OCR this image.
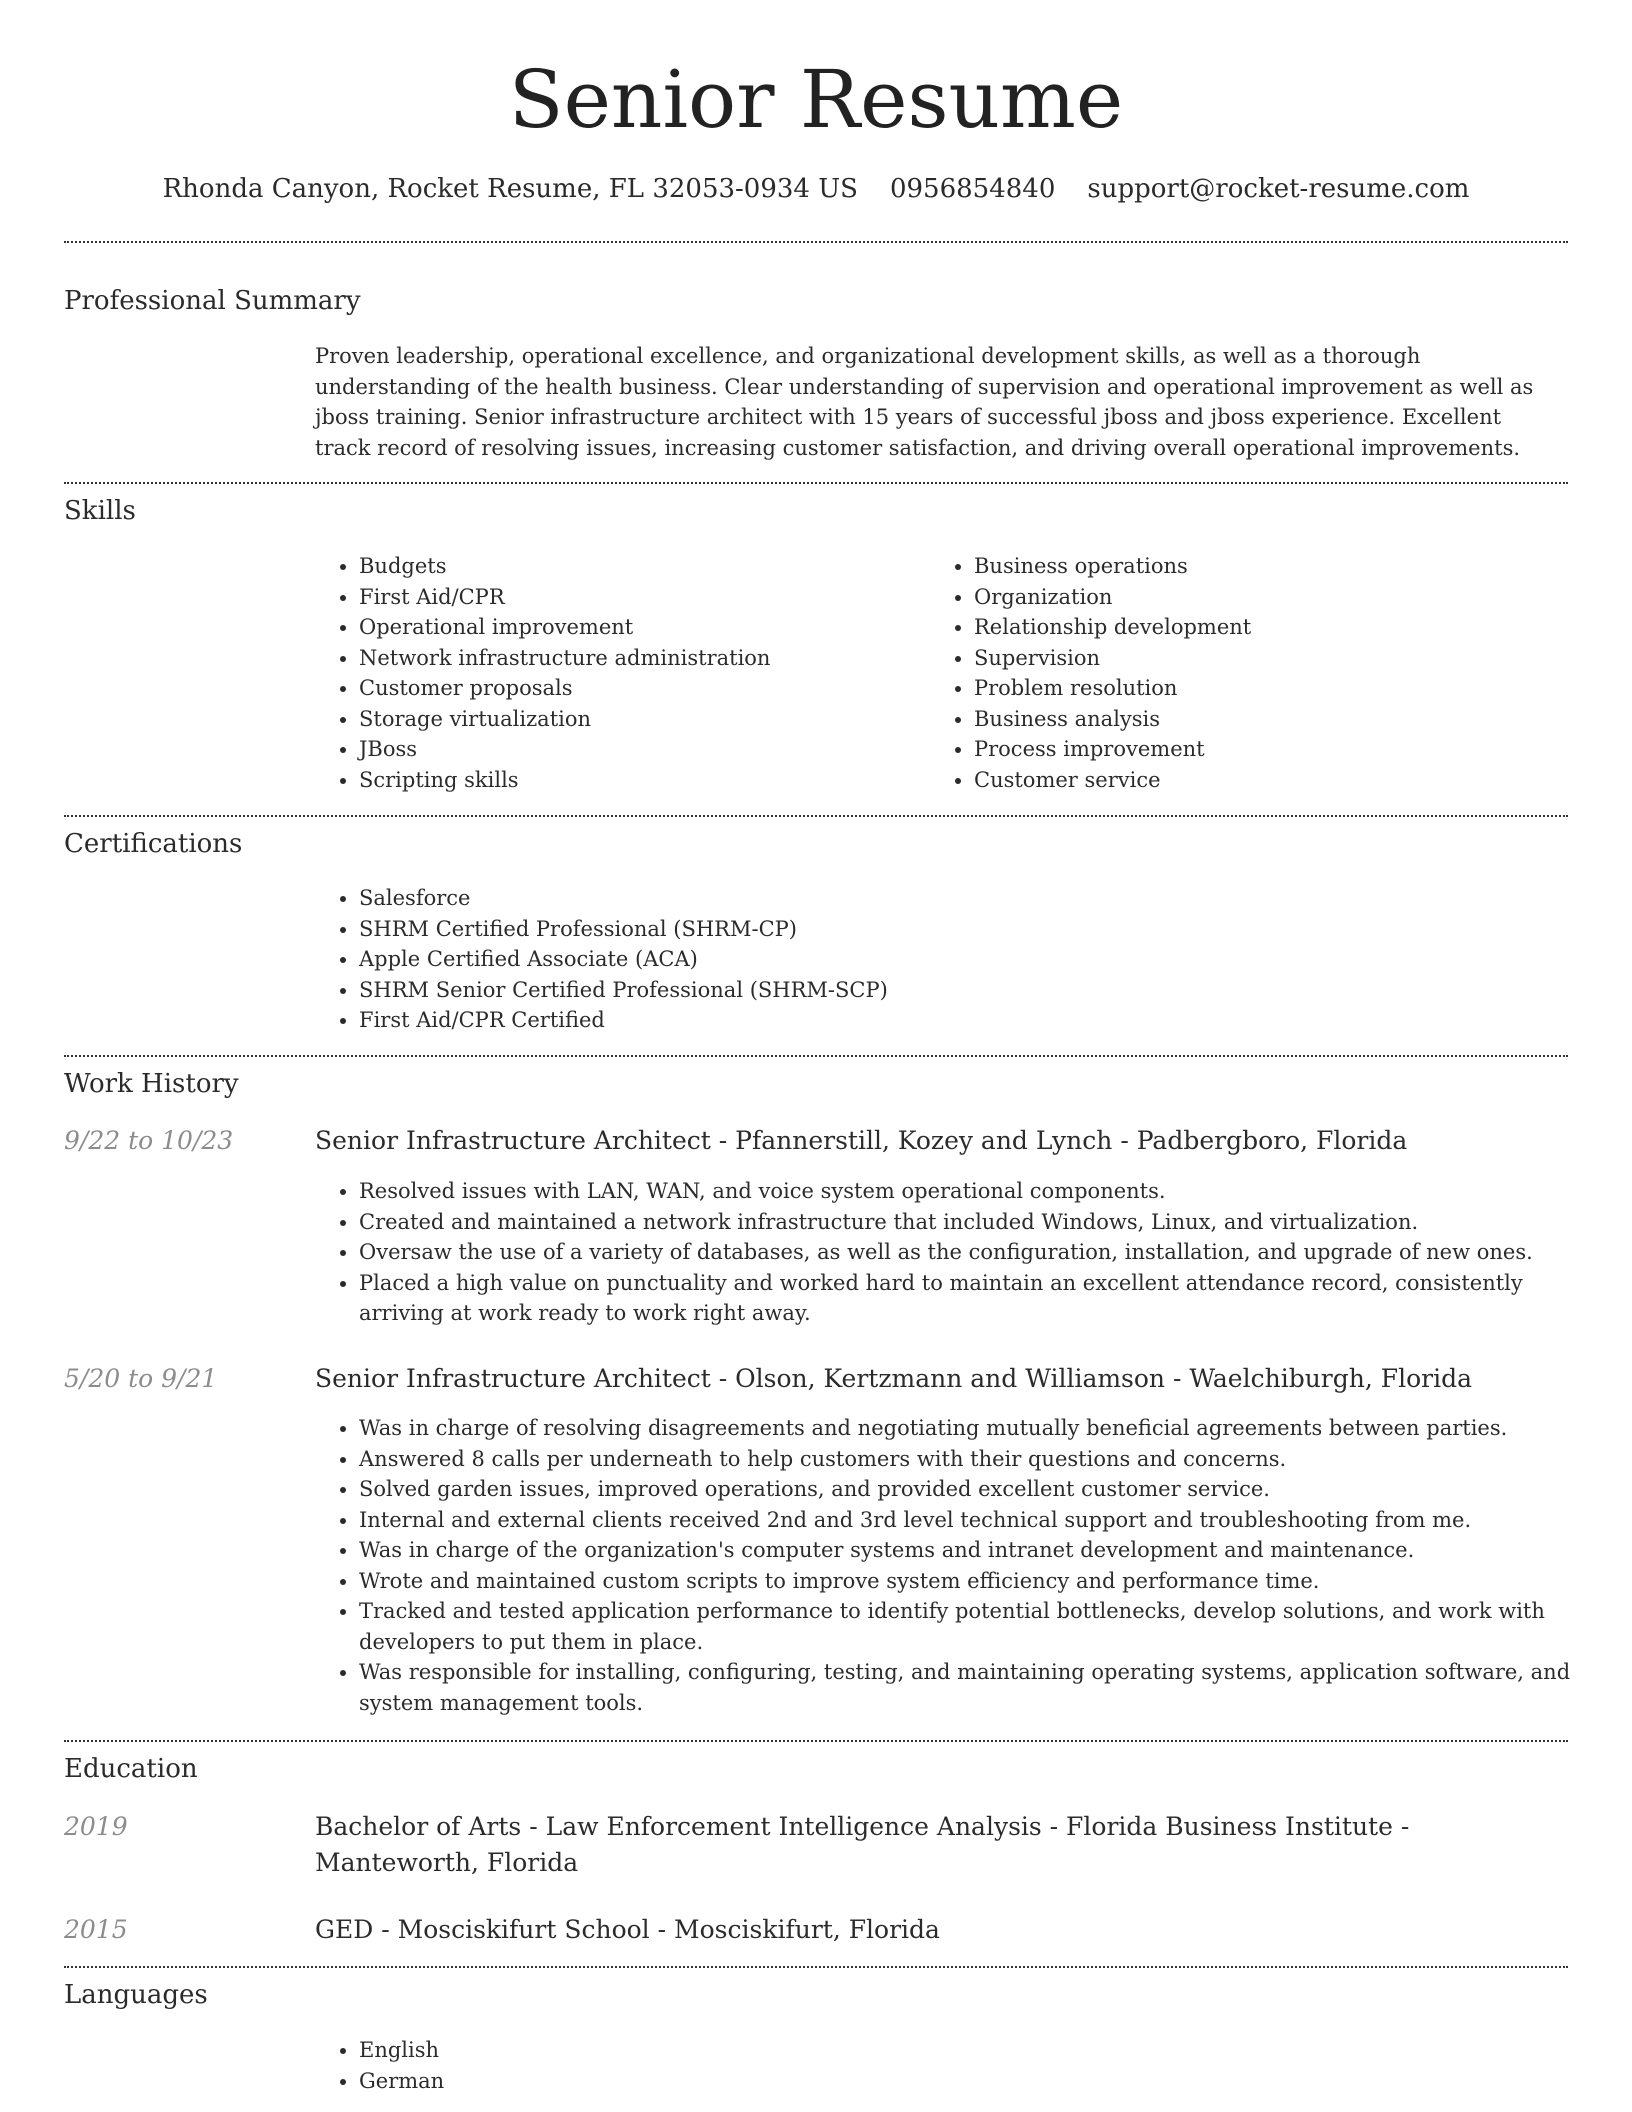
Senior Resume
Rhonda Canyon, Rocket Resume, FL 32053-0934 US 0956854840 support@rocket-resume.com
Professional Summary

Proven leadership, operational excellence, and organizational development skills, as well as a thorough understanding of the health business. Clear understanding of supervision and operational improvement as well as jboss training. Senior infrastructure architect with 15 years of successful jboss and jboss experience. Excellent track record of resolving issues, increasing customer satisfaction, and driving overall operational improvements.

Skills
• Budgets
• First Aid/CPR
• Operational improvement
• Network infrastructure administration
• Customer proposals
• Storage virtualization
• JBoss
• Scripting skills
• Business operations
• Organization
• Relationship development
• Supervision
• Problem resolution
• Business analysis
• Process improvement
• Customer service
Certifications
• Salesforce
• SHRM Certified Professional (SHRM-CP)
• Apple Certified Associate (ACA)
• SHRM Senior Certified Professional (SHRM-SCP)
• First Aid/CPR Certified
Work History
9/22 to 10/23	Senior Infrastructure Architect - Pfannerstill, Kozey and Lynch - Padbergboro, Florida
• Resolved issues with LAN, WAN, and voice system operational components.
• Created and maintained a network infrastructure that included Windows, Linux, and virtualization.
• Oversaw the use of a variety of databases, as well as the configuration, installation, and upgrade of new ones.
• Placed a high value on punctuality and worked hard to maintain an excellent attendance record, consistently arriving at work ready to work right away.
5/20 to 9/21	Senior Infrastructure Architect - Olson, Kertzmann and Williamson - Waelchiburgh, Florida
• Was in charge of resolving disagreements and negotiating mutually beneficial agreements between parties.
• Answered 8 calls per underneath to help customers with their questions and concerns.
• Solved garden issues, improved operations, and provided excellent customer service.
• Internal and external clients received 2nd and 3rd level technical support and troubleshooting from me.
• Was in charge of the organization's computer systems and intranet development and maintenance.
• Wrote and maintained custom scripts to improve system efficiency and performance time.
• Tracked and tested application performance to identify potential bottlenecks, develop solutions, and work with developers to put them in place.
• Was responsible for installing, configuring, testing, and maintaining operating systems, application software, and system management tools.
Education
2019	Bachelor of Arts - Law Enforcement Intelligence Analysis - Florida Business Institute - Manteworth, Florida
2015	GED - Mosciskifurt School - Mosciskifurt, Florida
Languages
• English
• German
